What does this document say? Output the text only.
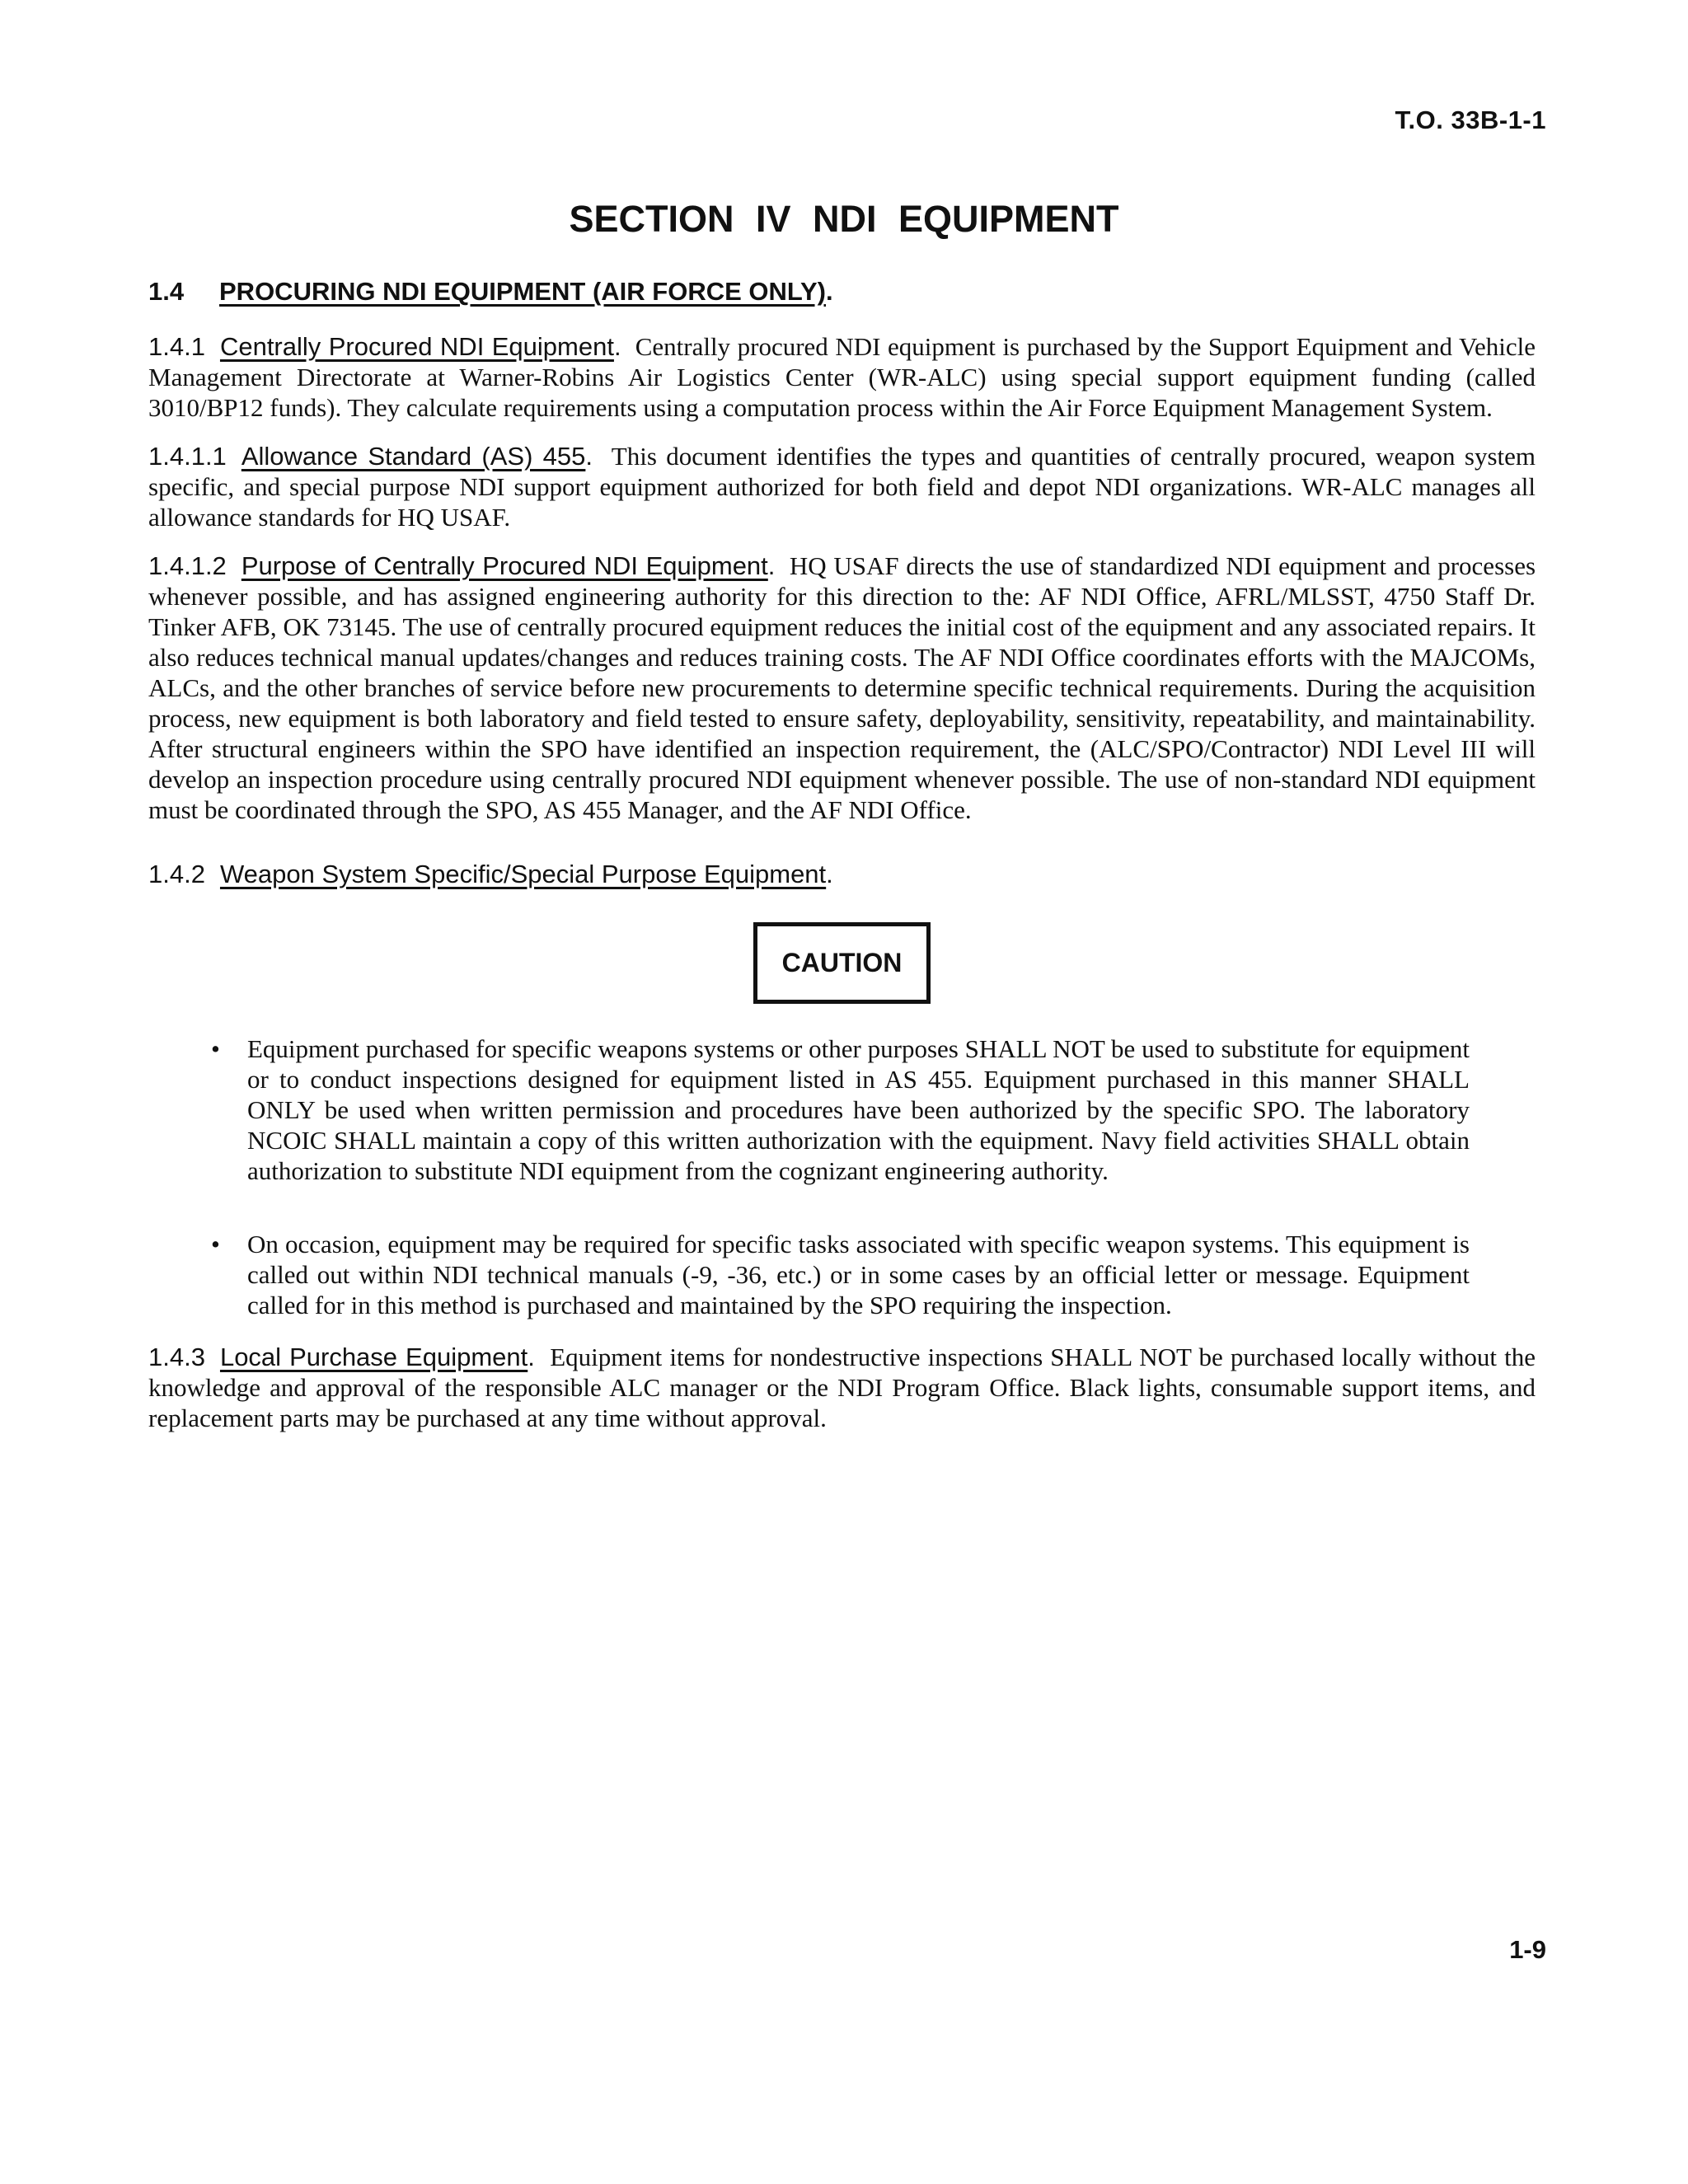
T.O. 33B-1-1
SECTION IV NDI EQUIPMENT
1.4 PROCURING NDI EQUIPMENT (AIR FORCE ONLY).

1.4.1 Centrally Procured NDI Equipment. Centrally procured NDI equipment is purchased by the Support Equipment and Vehicle Management Directorate at Warner-Robins Air Logistics Center (WR-ALC) using special support equipment funding (called 3010/BP12 funds). They calculate requirements using a computation process within the Air Force Equipment Management System.

1.4.1.1 Allowance Standard (AS) 455. This document identifies the types and quantities of centrally procured, weapon system specific, and special purpose NDI support equipment authorized for both field and depot NDI organizations. WR-ALC manages all allowance standards for HQ USAF.

1.4.1.2 Purpose of Centrally Procured NDI Equipment. HQ USAF directs the use of standardized NDI equipment and processes whenever possible, and has assigned engineering authority for this direction to the: AF NDI Office, AFRL/MLSST, 4750 Staff Dr. Tinker AFB, OK 73145. The use of centrally procured equipment reduces the initial cost of the equipment and any associated repairs. It also reduces technical manual updates/changes and reduces training costs. The AF NDI Office coordinates efforts with the MAJCOMs, ALCs, and the other branches of service before new procurements to determine specific technical requirements. During the acquisition process, new equipment is both laboratory and field tested to ensure safety, deployability, sensitivity, repeatability, and maintainability. After structural engineers within the SPO have identified an inspection requirement, the (ALC/SPO/Contractor) NDI Level III will develop an inspection procedure using centrally procured NDI equipment whenever possible. The use of non-standard NDI equipment must be coordinated through the SPO, AS 455 Manager, and the AF NDI Office.

1.4.2 Weapon System Specific/Special Purpose Equipment.
CAUTION
• Equipment purchased for specific weapons systems or other purposes SHALL NOT be used to substitute for equipment or to conduct inspections designed for equipment listed in AS 455. Equipment purchased in this manner SHALL ONLY be used when written permission and procedures have been authorized by the specific SPO. The laboratory NCOIC SHALL maintain a copy of this written authorization with the equipment. Navy field activities SHALL obtain authorization to substitute NDI equipment from the cognizant engineering authority.
• On occasion, equipment may be required for specific tasks associated with specific weapon systems. This equipment is called out within NDI technical manuals (-9, -36, etc.) or in some cases by an official letter or message. Equipment called for in this method is purchased and maintained by the SPO requiring the inspection.

1.4.3 Local Purchase Equipment. Equipment items for nondestructive inspections SHALL NOT be purchased locally without the knowledge and approval of the responsible ALC manager or the NDI Program Office. Black lights, consumable support items, and replacement parts may be purchased at any time without approval.

1-9
